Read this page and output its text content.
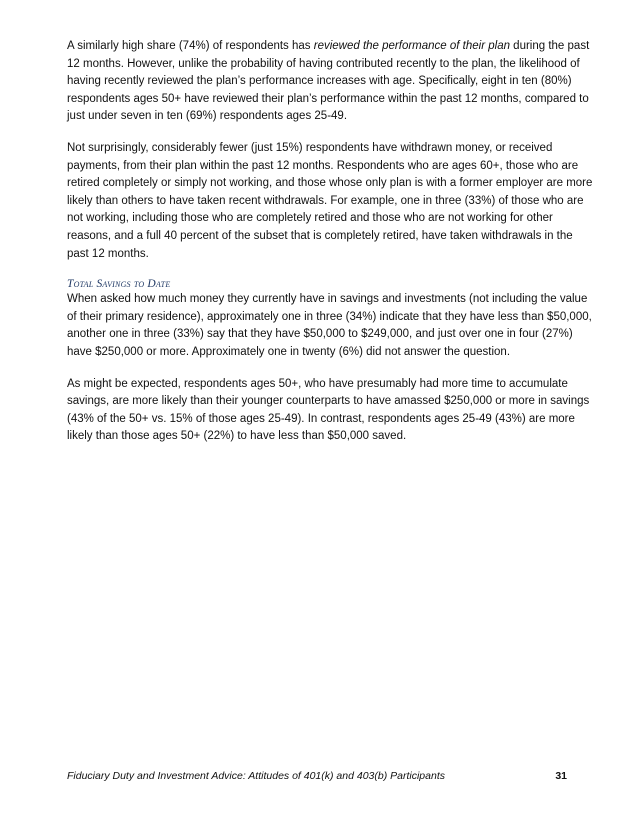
A similarly high share (74%) of respondents has reviewed the performance of their plan during the past 12 months. However, unlike the probability of having contributed recently to the plan, the likelihood of having recently reviewed the plan’s performance increases with age. Specifically, eight in ten (80%) respondents ages 50+ have reviewed their plan’s performance within the past 12 months, compared to just under seven in ten (69%) respondents ages 25-49.

Not surprisingly, considerably fewer (just 15%) respondents have withdrawn money, or received payments, from their plan within the past 12 months. Respondents who are ages 60+, those who are retired completely or simply not working, and those whose only plan is with a former employer are more likely than others to have taken recent withdrawals. For example, one in three (33%) of those who are not working, including those who are completely retired and those who are not working for other reasons, and a full 40 percent of the subset that is completely retired, have taken withdrawals in the past 12 months.

Total Savings to Date

When asked how much money they currently have in savings and investments (not including the value of their primary residence), approximately one in three (34%) indicate that they have less than $50,000, another one in three (33%) say that they have $50,000 to $249,000, and just over one in four (27%) have $250,000 or more. Approximately one in twenty (6%) did not answer the question.

As might be expected, respondents ages 50+, who have presumably had more time to accumulate savings, are more likely than their younger counterparts to have amassed $250,000 or more in savings (43% of the 50+ vs. 15% of those ages 25-49). In contrast, respondents ages 25-49 (43%) are more likely than those ages 50+ (22%) to have less than $50,000 saved.

Fiduciary Duty and Investment Advice: Attitudes of 401(k) and 403(b) Participants	31
